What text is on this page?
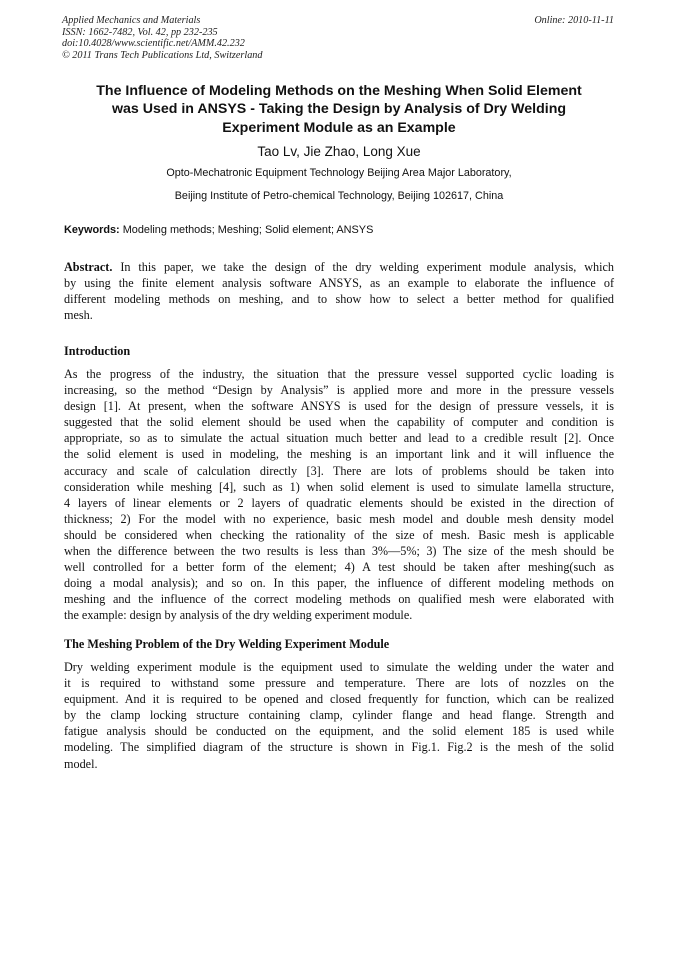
Applied Mechanics and Materials
ISSN: 1662-7482, Vol. 42, pp 232-235
doi:10.4028/www.scientific.net/AMM.42.232
© 2011 Trans Tech Publications Ltd, Switzerland
Online: 2010-11-11
The Influence of Modeling Methods on the Meshing When Solid Element
was Used in ANSYS - Taking the Design by Analysis of Dry Welding
Experiment Module as an Example
Tao Lv, Jie Zhao, Long Xue
Opto-Mechatronic Equipment Technology Beijing Area Major Laboratory,
Beijing Institute of Petro-chemical Technology, Beijing 102617, China
Keywords: Modeling methods; Meshing; Solid element; ANSYS
Abstract. In this paper, we take the design of the dry welding experiment module analysis, which
by using the finite element analysis software ANSYS, as an example to elaborate the influence of
different modeling methods on meshing, and to show how to select a better method for qualified
mesh.
Introduction
As the progress of the industry, the situation that the pressure vessel supported cyclic loading is
increasing, so the method “Design by Analysis” is applied more and more in the pressure vessels
design [1]. At present, when the software ANSYS is used for the design of pressure vessels, it is
suggested that the solid element should be used when the capability of computer and condition is
appropriate, so as to simulate the actual situation much better and lead to a credible result [2]. Once
the solid element is used in modeling, the meshing is an important link and it will influence the
accuracy and scale of calculation directly [3]. There are lots of problems should be taken into
consideration while meshing [4], such as 1) when solid element is used to simulate lamella structure,
4 layers of linear elements or 2 layers of quadratic elements should be existed in the direction of
thickness; 2) For the model with no experience, basic mesh model and double mesh density model
should be considered when checking the rationality of the size of mesh. Basic mesh is applicable
when the difference between the two results is less than 3%—5%; 3) The size of the mesh should be
well controlled for a better form of the element; 4) A test should be taken after meshing(such as
doing a modal analysis); and so on. In this paper, the influence of different modeling methods on
meshing and the influence of the correct modeling methods on qualified mesh were elaborated with
the example: design by analysis of the dry welding experiment module.
The Meshing Problem of the Dry Welding Experiment Module
Dry welding experiment module is the equipment used to simulate the welding under the water and
it is required to withstand some pressure and temperature. There are lots of nozzles on the
equipment. And it is required to be opened and closed frequently for function, which can be realized
by the clamp locking structure containing clamp, cylinder flange and head flange. Strength and
fatigue analysis should be conducted on the equipment, and the solid element 185 is used while
modeling. The simplified diagram of the structure is shown in Fig.1. Fig.2 is the mesh of the solid
model.
